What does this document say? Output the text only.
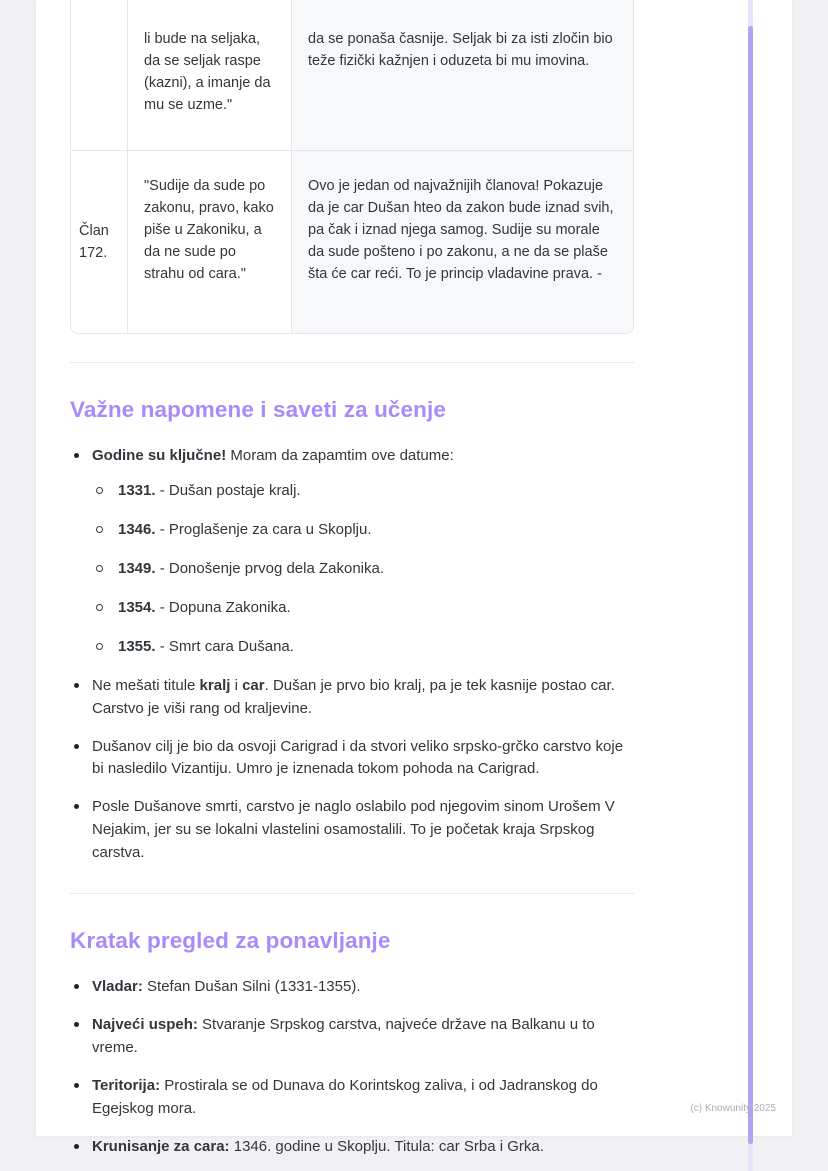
li bude na seljaka, da se seljak raspe (kazni), a imanje da mu se uzme."
da se ponaša časnije. Seljak bi za isti zločin bio teže fizički kažnjen i oduzeta bi mu imovina.
Član 172.
"Sudije da sude po zakonu, pravo, kako piše u Zakoniku, a da ne sude po strahu od cara."
Ovo je jedan od najvažnijih članova! Pokazuje da je car Dušan hteo da zakon bude iznad svih, pa čak i iznad njega samog. Sudije su morale da sude pošteno i po zakonu, a ne da se plaše šta će car reći. To je princip vladavine prava. -
Važne napomene i saveti za učenje
Godine su ključne! Moram da zapamtim ove datume:
1331. - Dušan postaje kralj.
1346. - Proglašenje za cara u Skoplju.
1349. - Donošenje prvog dela Zakonika.
1354. - Dopuna Zakonika.
1355. - Smrt cara Dušana.
Ne mešati titule kralj i car. Dušan je prvo bio kralj, pa je tek kasnije postao car. Carstvo je viši rang od kraljevine.
Dušanov cilj je bio da osvoji Carigrad i da stvori veliko srpsko-grčko carstvo koje bi nasledilo Vizantiju. Umro je iznenada tokom pohoda na Carigrad.
Posle Dušanove smrti, carstvo je naglo oslabilo pod njegovim sinom Urošem V Nejakim, jer su se lokalni vlastelini osamostalili. To je početak kraja Srpskog carstva.
Kratak pregled za ponavljanje
Vladar: Stefan Dušan Silni (1331-1355).
Najveći uspeh: Stvaranje Srpskog carstva, najveće države na Balkanu u to vreme.
Teritorija: Prostirala se od Dunava do Korintskog zaliva, i od Jadranskog do Egejskog mora.
Krunisanje za cara: 1346. godine u Skoplju. Titula: car Srba i Grka.
(c) Knowunity 2025
